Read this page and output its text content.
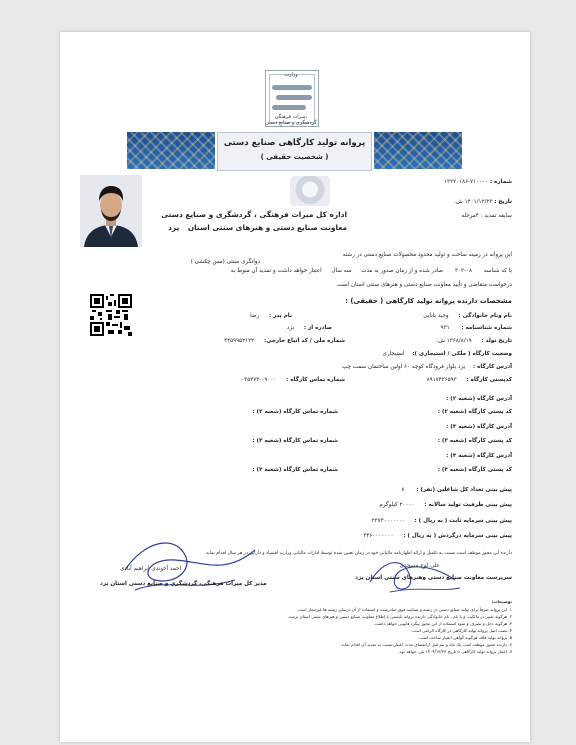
وزارت
میراث فرهنگی،
گردشگری و صنایع دستی
پروانه تولید کارگاهی صنایع دستی
( شخصیت حقیقی )
شماره : ۷۱۰۰۰۰-۱۳۲۷۰۱۸۶
تاریخ : ۱۴۰۱/۱۲/۲۳ ش.
سابقه تمدید : ۴مرحله
اداره کل میراث فرهنگی ، گردشگری و صنایع دستی
معاونت صنایع دستی و هنرهای سنتی استان یزد
این پروانه در زمینه ساخت و تولید محدود محصولات صنایع دستی در رشته
دواتگری سنتی (مس چکشی )
با کد شناسه ۰۸-۳۰۳ صادر شده و از زمان صدور به مدت سه سال اعتبار خواهد داشت و تمدید آن منوط به
درخواست متقاضی و تأیید معاونت صنایع دستی و هنرهای سنتی استان است.
مشخصات دارنده پروانه تولید کارگاهی ( حقیقی) :
نام ونام خانوادگی : وحید بابایی
نام پدر : رضا
شماره شناسنامه : ۹۳۱
صادره از : یزد
تاریخ تولد : ۱۳۶۸/۸/۱۹ ش.
شماره ملی / کد اتباع خارجی: ۴۴۵۹۹۵۲۱۲۲
وضعیت کارگاه ( ملکی / استیجاری ): استیجاری
آدرس کارگاه : یزد بلوار فرودگاه کوچه ۶۰ اولین ساختمان سمت چپ
کدپستی کارگاه : ۸۹۱۷۴۳۶۵۹۳
شماره تماس کارگاه : ۰۹۰۰۰-۰۳۵۳۷۳
آدرس کارگاه (شعبه ۲) :
کد پستی کارگاه (شعبه ۲) :
شماره تماس کارگاه (شعبه ۲) :
آدرس کارگاه (شعبه ۳) :
کد پستی کارگاه (شعبه ۳) :
شماره تماس کارگاه (شعبه ۳) :
آدرس کارگاه (شعبه ۴) :
کد پستی کارگاه (شعبه ۴) :
شماره تماس کارگاه (شعبه ۴) :
پیش بینی تعداد کل شاغلین (نفر) : ۸
پیش بینی ظرفیت تولید سالانه : ۲۰۰۰۰ کیلوگرم
پیش بینی سرمایه ثابت ( به ریال ) : ۲۳۷۳۰۰۰۰۰۰۰
پیش بینی سرمایه درگردش ( به ریال ) : ۳۴۶۰۰۰۰۰۰۰
دارنده این مجوز موظف است نسبت به تکمیل و ارائه اظهارنامه مالیاتی خود در زمان تعیین شده توسط ادارات مالیاتی وزارت اقتصاد و دارایی در هر سال اقدام نماید.
علی لوح مسجدی
سرپرست معاونت صنایع دستی وهنرهای سنتی استان یزد
احمد آخوندی ابراهیم آبادی
مدیر کل میراث فرهنگی، گردشگری و صنایع دستی استان یزد
توضیحات:
۱. این پروانه صرفاً برای تولید صنایع دستی در رشته و شناسه فوق صادرشده و استفاده از آن درسایر رشته ها غیرمجاز است.
۲. هرگونه تغییر در مالکیت و یا نام ، نام خانوادگی دارنده پروانه بایستی با اطلاع معاونت صنایع دستی و هنرهای سنتی استان برسد.
۳. هرگونه دخل و تصرف و سوء استفاده از این مجوز پیگرد قانونی خواهد داشت.
۴. نصب اصل پروانه تولید کارگاهی در کارگاه الزامی است.
۵. پروانه تولید فاقد هرگونه گواهی اعتبار ساخت است.
۶. دارنده مجوز موظف است یک ماه و نیم قبل ازانقضای مدت اعتبار،نسبت به تمدید آن اقدام نماید.
۷. اعتبار پروانه تولید کارگاهی تا تاریخ ۱۴۰۴/۱۲/۲۳ ش. خواهد بود.
